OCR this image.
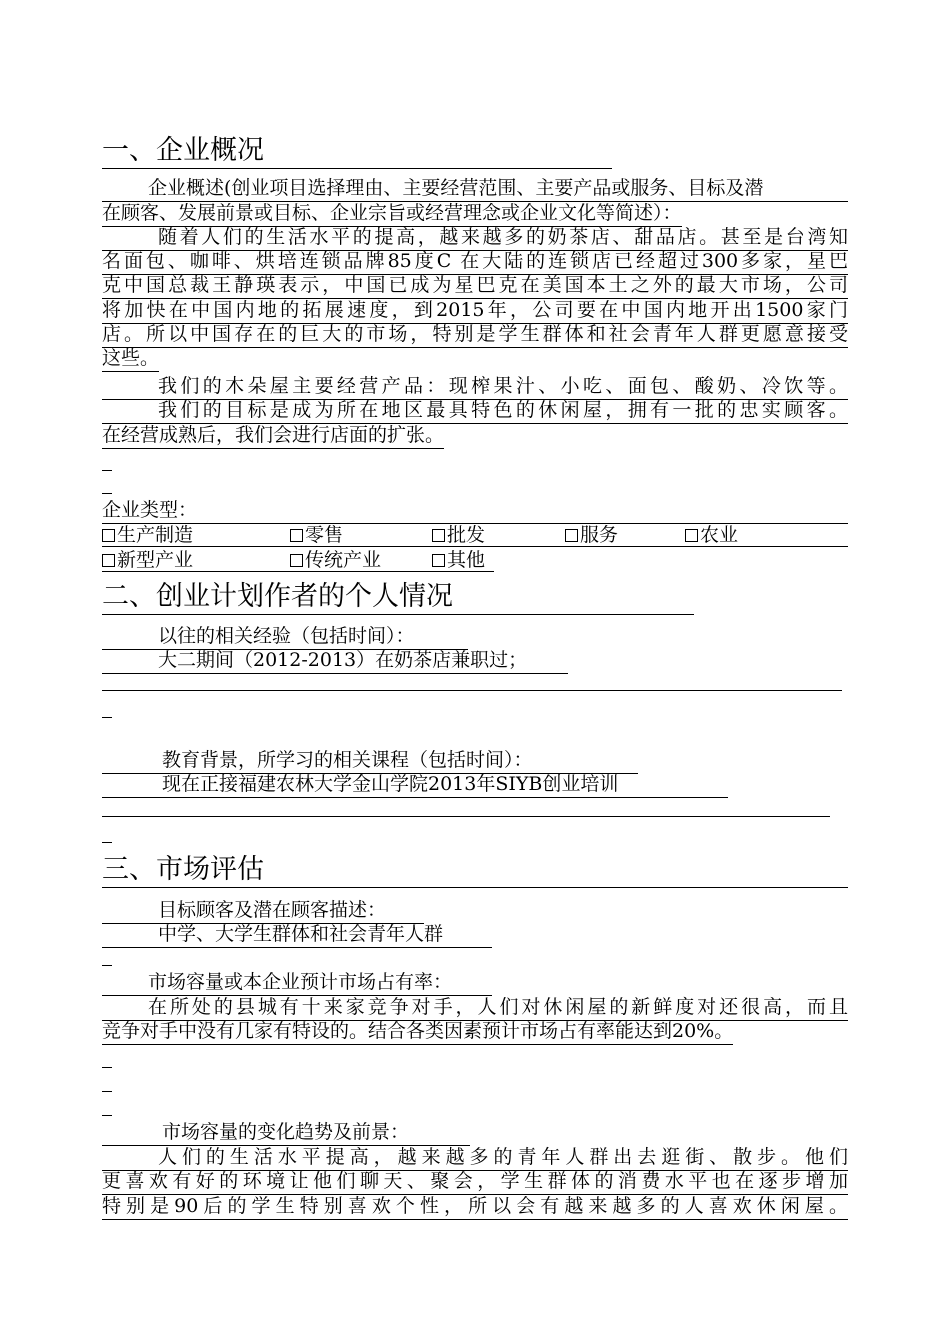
一、企业概况
企业概述(创业项目选择理由、主要经营范围、主要产品或服务、目标及潜
在顾客、发展前景或目标、企业宗旨或经营理念或企业文化等简述）：
随着人们的生活水平的提高，越来越多的奶茶店、甜品店。甚至是台湾知
名面包、咖啡、烘培连锁品牌85度C 在大陆的连锁店已经超过300多家，星巴
克中国总裁王静瑛表示，中国已成为星巴克在美国本土之外的最大市场，公司
将加快在中国内地的拓展速度，到2015年，公司要在中国内地开出1500家门
店。所以中国存在的巨大的市场，特别是学生群体和社会青年人群更愿意接受
这些。
我们的木朵屋主要经营产品：现榨果汁、小吃、面包、酸奶、冷饮等。
我们的目标是成为所在地区最具特色的休闲屋，拥有一批的忠实顾客。
在经营成熟后，我们会进行店面的扩张。
企业类型：
生产制造	零售	批发	服务	农业
新型产业	传统产业	其他
二、创业计划作者的个人情况
以往的相关经验（包括时间）：
大二期间（2012-2013）在奶茶店兼职过；
教育背景，所学习的相关课程（包括时间）：
现在正接福建农林大学金山学院2013年SIYB创业培训
三、市场评估
目标顾客及潜在顾客描述：
中学、大学生群体和社会青年人群
市场容量或本企业预计市场占有率：
在所处的县城有十来家竞争对手，人们对休闲屋的新鲜度对还很高，而且
竞争对手中没有几家有特设的。结合各类因素预计市场占有率能达到20%。
市场容量的变化趋势及前景：
人们的生活水平提高，越来越多的青年人群出去逛街、散步。他们
更喜欢有好的环境让他们聊天、聚会，学生群体的消费水平也在逐步增加
特别是90后的学生特别喜欢个性，所以会有越来越多的人喜欢休闲屋。
